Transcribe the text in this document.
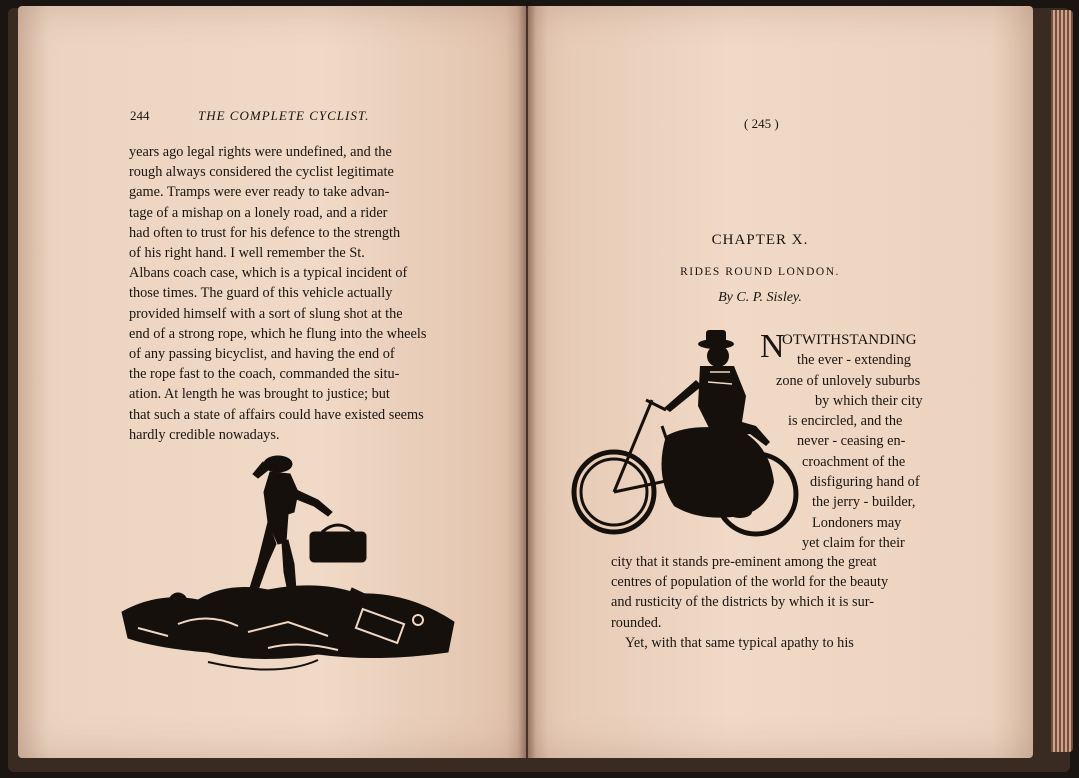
244	THE COMPLETE CYCLIST.

years ago legal rights were undefined, and the

rough always considered the cyclist legitimate

game. Tramps were ever ready to take advan-

tage of a mishap on a lonely road, and a rider

had often to trust for his defence to the strength

of his right hand. I well remember the St.

Albans coach case, which is a typical incident of

those times. The guard of this vehicle actually

provided himself with a sort of slung shot at the

end of a strong rope, which he flung into the wheels

of any passing bicyclist, and having the end of

the rope fast to the coach, commanded the situ-

ation. At length he was brought to justice; but

that such a state of affairs could have existed seems

hardly credible nowadays.

( 245 )
CHAPTER X.
RIDES ROUND LONDON.
By C. P. Sisley.
N
OTWITHSTANDING
the ever - extending
zone of unlovely suburbs
by which their city
is encircled, and the
never - ceasing en-
croachment of the
disfiguring hand of
the jerry - builder,
Londoners may
yet claim for their

city that it stands pre-eminent among the great

centres of population of the world for the beauty

and rusticity of the districts by which it is sur-

rounded.

Yet, with that same typical apathy to his
